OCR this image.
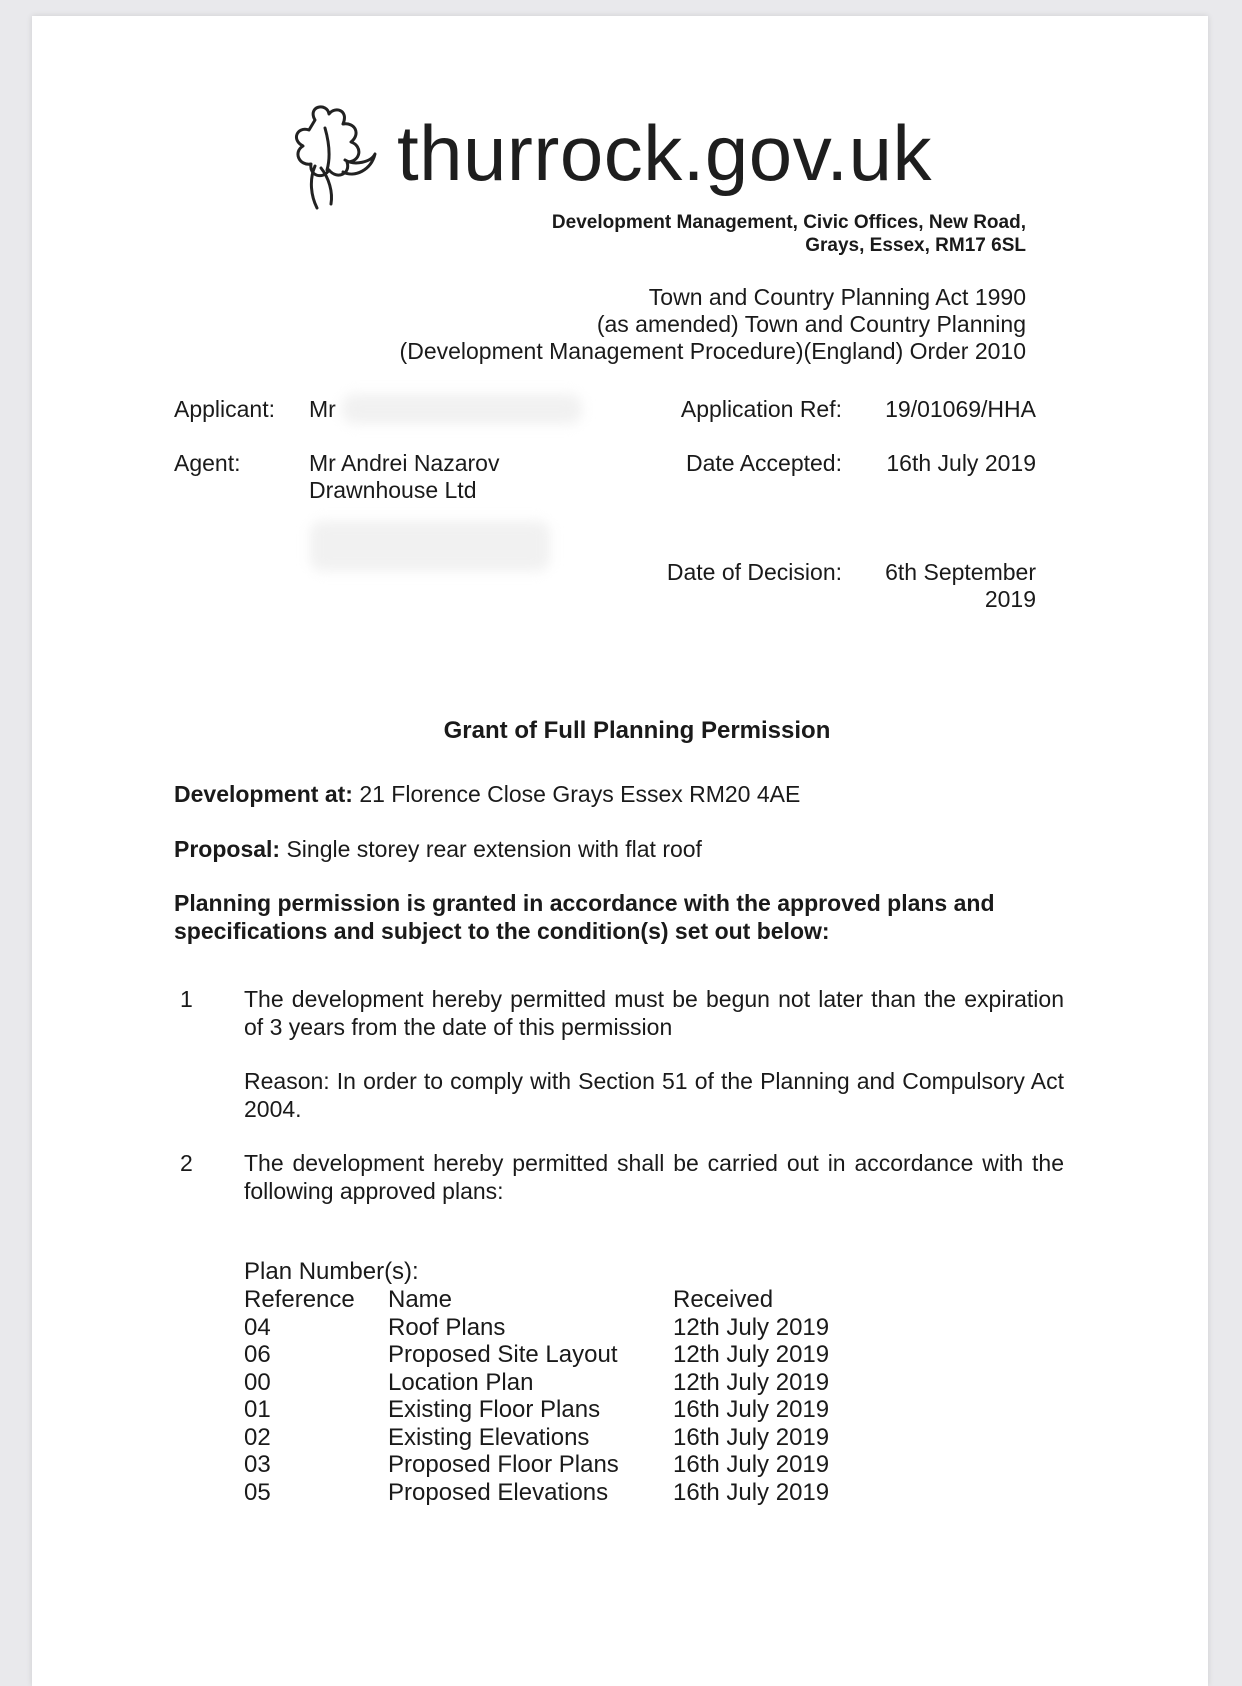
thurrock.gov.uk
Development Management, Civic Offices, New Road,
Grays, Essex, RM17 6SL
Town and Country Planning Act 1990
(as amended) Town and Country Planning
(Development Management Procedure)(England) Order 2010
Applicant: Mr
Agent:	Mr Andrei Nazarov
Drawnhouse Ltd
Application Ref: 19/01069/HHA
Date Accepted: 16th July 2019
Date of Decision: 6th September
2019
Grant of Full Planning Permission
Development at: 21 Florence Close Grays Essex RM20 4AE
Proposal: Single storey rear extension with flat roof
Planning permission is granted in accordance with the approved plans and
specifications and subject to the condition(s) set out below:
1 The development hereby permitted must be begun not later than the expiration of 3 years from the date of this permission
Reason: In order to comply with Section 51 of the Planning and Compulsory Act 2004.
2 The development hereby permitted shall be carried out in accordance with the following approved plans:
Plan Number(s):
Reference	Name	Received
04	Roof Plans	12th July 2019
06	Proposed Site Layout	12th July 2019
00	Location Plan	12th July 2019
01	Existing Floor Plans	16th July 2019
02	Existing Elevations	16th July 2019
03	Proposed Floor Plans	16th July 2019
05	Proposed Elevations	16th July 2019
